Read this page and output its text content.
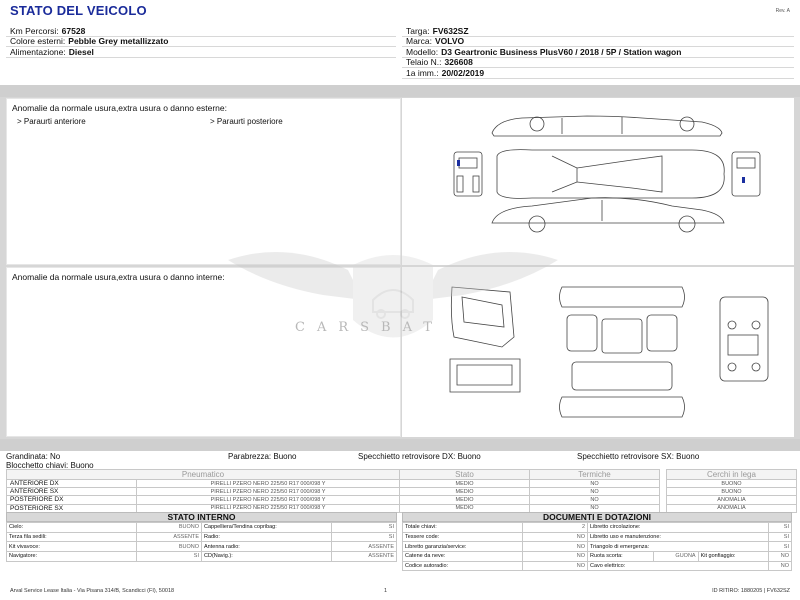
STATO DEL VEICOLO	Rev. A
Km Percorsi: 67528
Colore esterni: Pebble Grey metallizzato
Alimentazione: Diesel
Targa: FV632SZ
Marca: VOLVO
Modello: D3 Geartronic Business PlusV60 / 2018 / 5P / Station wagon
Telaio N.: 326608
1a imm.: 20/02/2019
Anomalie da normale usura,extra usura o danno esterne:
> Paraurti anteriore	> Paraurti posteriore
Anomalie da normale usura,extra usura o danno interne:
CARSBAT
Grandinata: No	Parabrezza: Buono	Specchietto retrovisore DX: Buono	Specchietto retrovisore SX: Buono
Blocchetto chiavi: Buono
Pneumatico		Stato	Termiche		Cerchi in lega
ANTERIORE DX	PIRELLI PZERO NERO 225/50 R17 000/098 Y	MEDIO	NO		BUONO
ANTERIORE SX	PIRELLI PZERO NERO 225/50 R17 000/098 Y	MEDIO	NO		BUONO
POSTERIORE DX	PIRELLI PZERO NERO 225/50 R17 000/098 Y	MEDIO	NO		ANOMALIA
POSTERIORE SX	PIRELLI PZERO NERO 225/50 R17 000/098 Y	MEDIO	NO		ANOMALIA
STATO INTERNO
Cielo:	BUONO	Cappelliera/Tendina copribag:	SI
Terza fila sedili:	ASSENTE	Radio:	SI
Kit vivavoce:	BUONO	Antenna radio:	ASSENTE
Navigatore:	SI	CD(Navig.):	ASSENTE
DOCUMENTI E DOTAZIONI
Totale chiavi:	2	Libretto circolazione:			SI
Tessere code:	NO	Libretto uso e manutenzione:			SI
Libretto garanzia/service:	NO	Triangolo di emergenza:			SI
Catene da neve:	NO	Ruota scorta:	GUONA	Kit gonfiaggio:	NO
Codice autoradio:	NO	Cavo elettrico:			NO
Arval Service Lease Italia - Via Pisana 314/B, Scandicci (FI), 50018	1	ID RITIRO: 1880205 | FV632SZ
